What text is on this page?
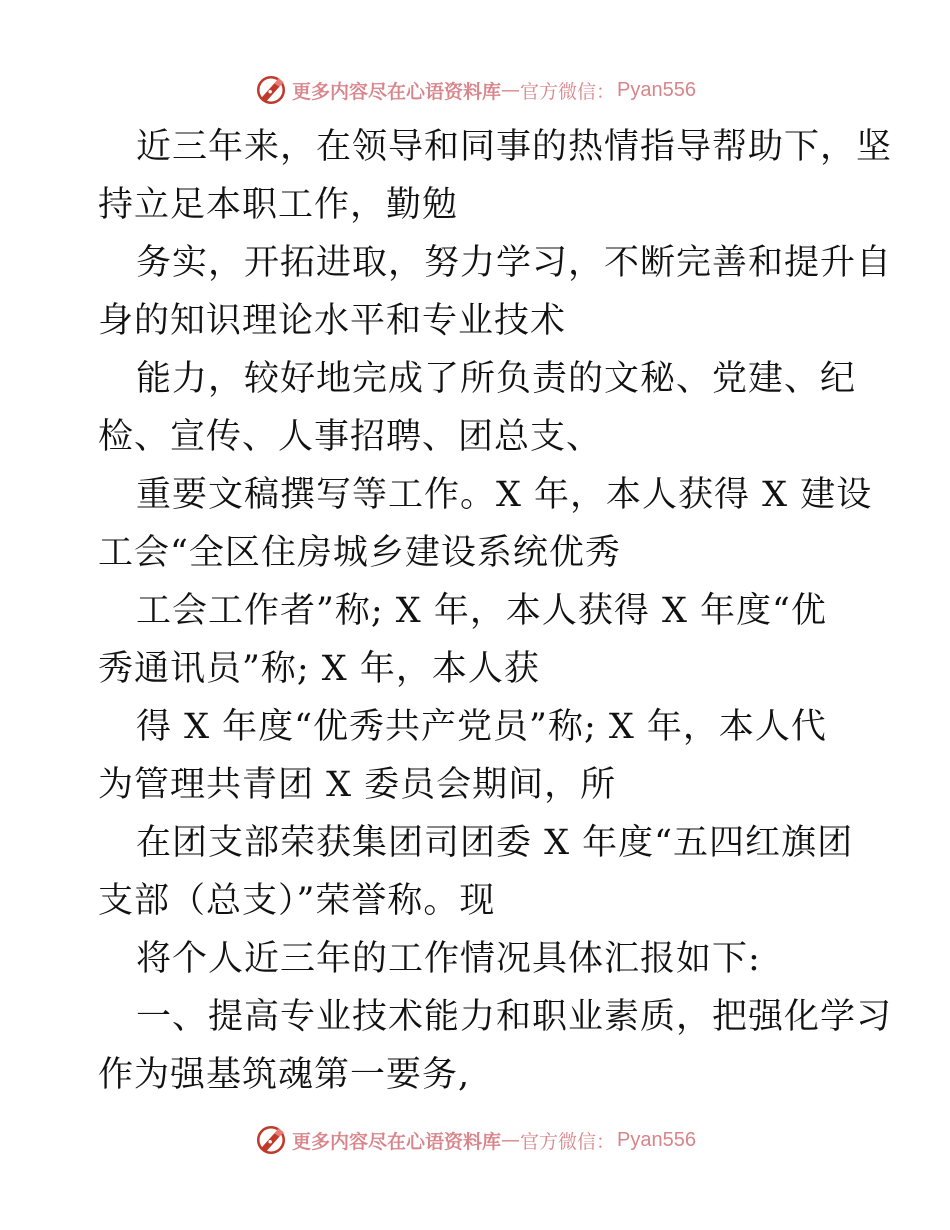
更多内容尽在心语资料库 — 官方微信： Pyan556
近三年来，在领导和同事的热情指导帮助下，坚
持立足本职工作，勤勉
务实，开拓进取，努力学习，不断完善和提升自
身的知识理论水平和专业技术
能力，较好地完成了所负责的文秘、党建、纪
检、宣传、人事招聘、团总支、
重要文稿撰写等工作。X 年，本人获得 X 建设
工会“全区住房城乡建设系统优秀
工会工作者”称; X 年，本人获得 X 年度“优
秀通讯员”称; X 年，本人获
得 X 年度“优秀共产党员”称; X 年，本人代
为管理共青团 X 委员会期间，所
在团支部荣获集团司团委 X 年度“五四红旗团
支部（总支）”荣誉称。现
将个人近三年的工作情况具体汇报如下:
一、提高专业技术能力和职业素质，把强化学习
作为强基筑魂第一要务,
更多内容尽在心语资料库 — 官方微信： Pyan556
